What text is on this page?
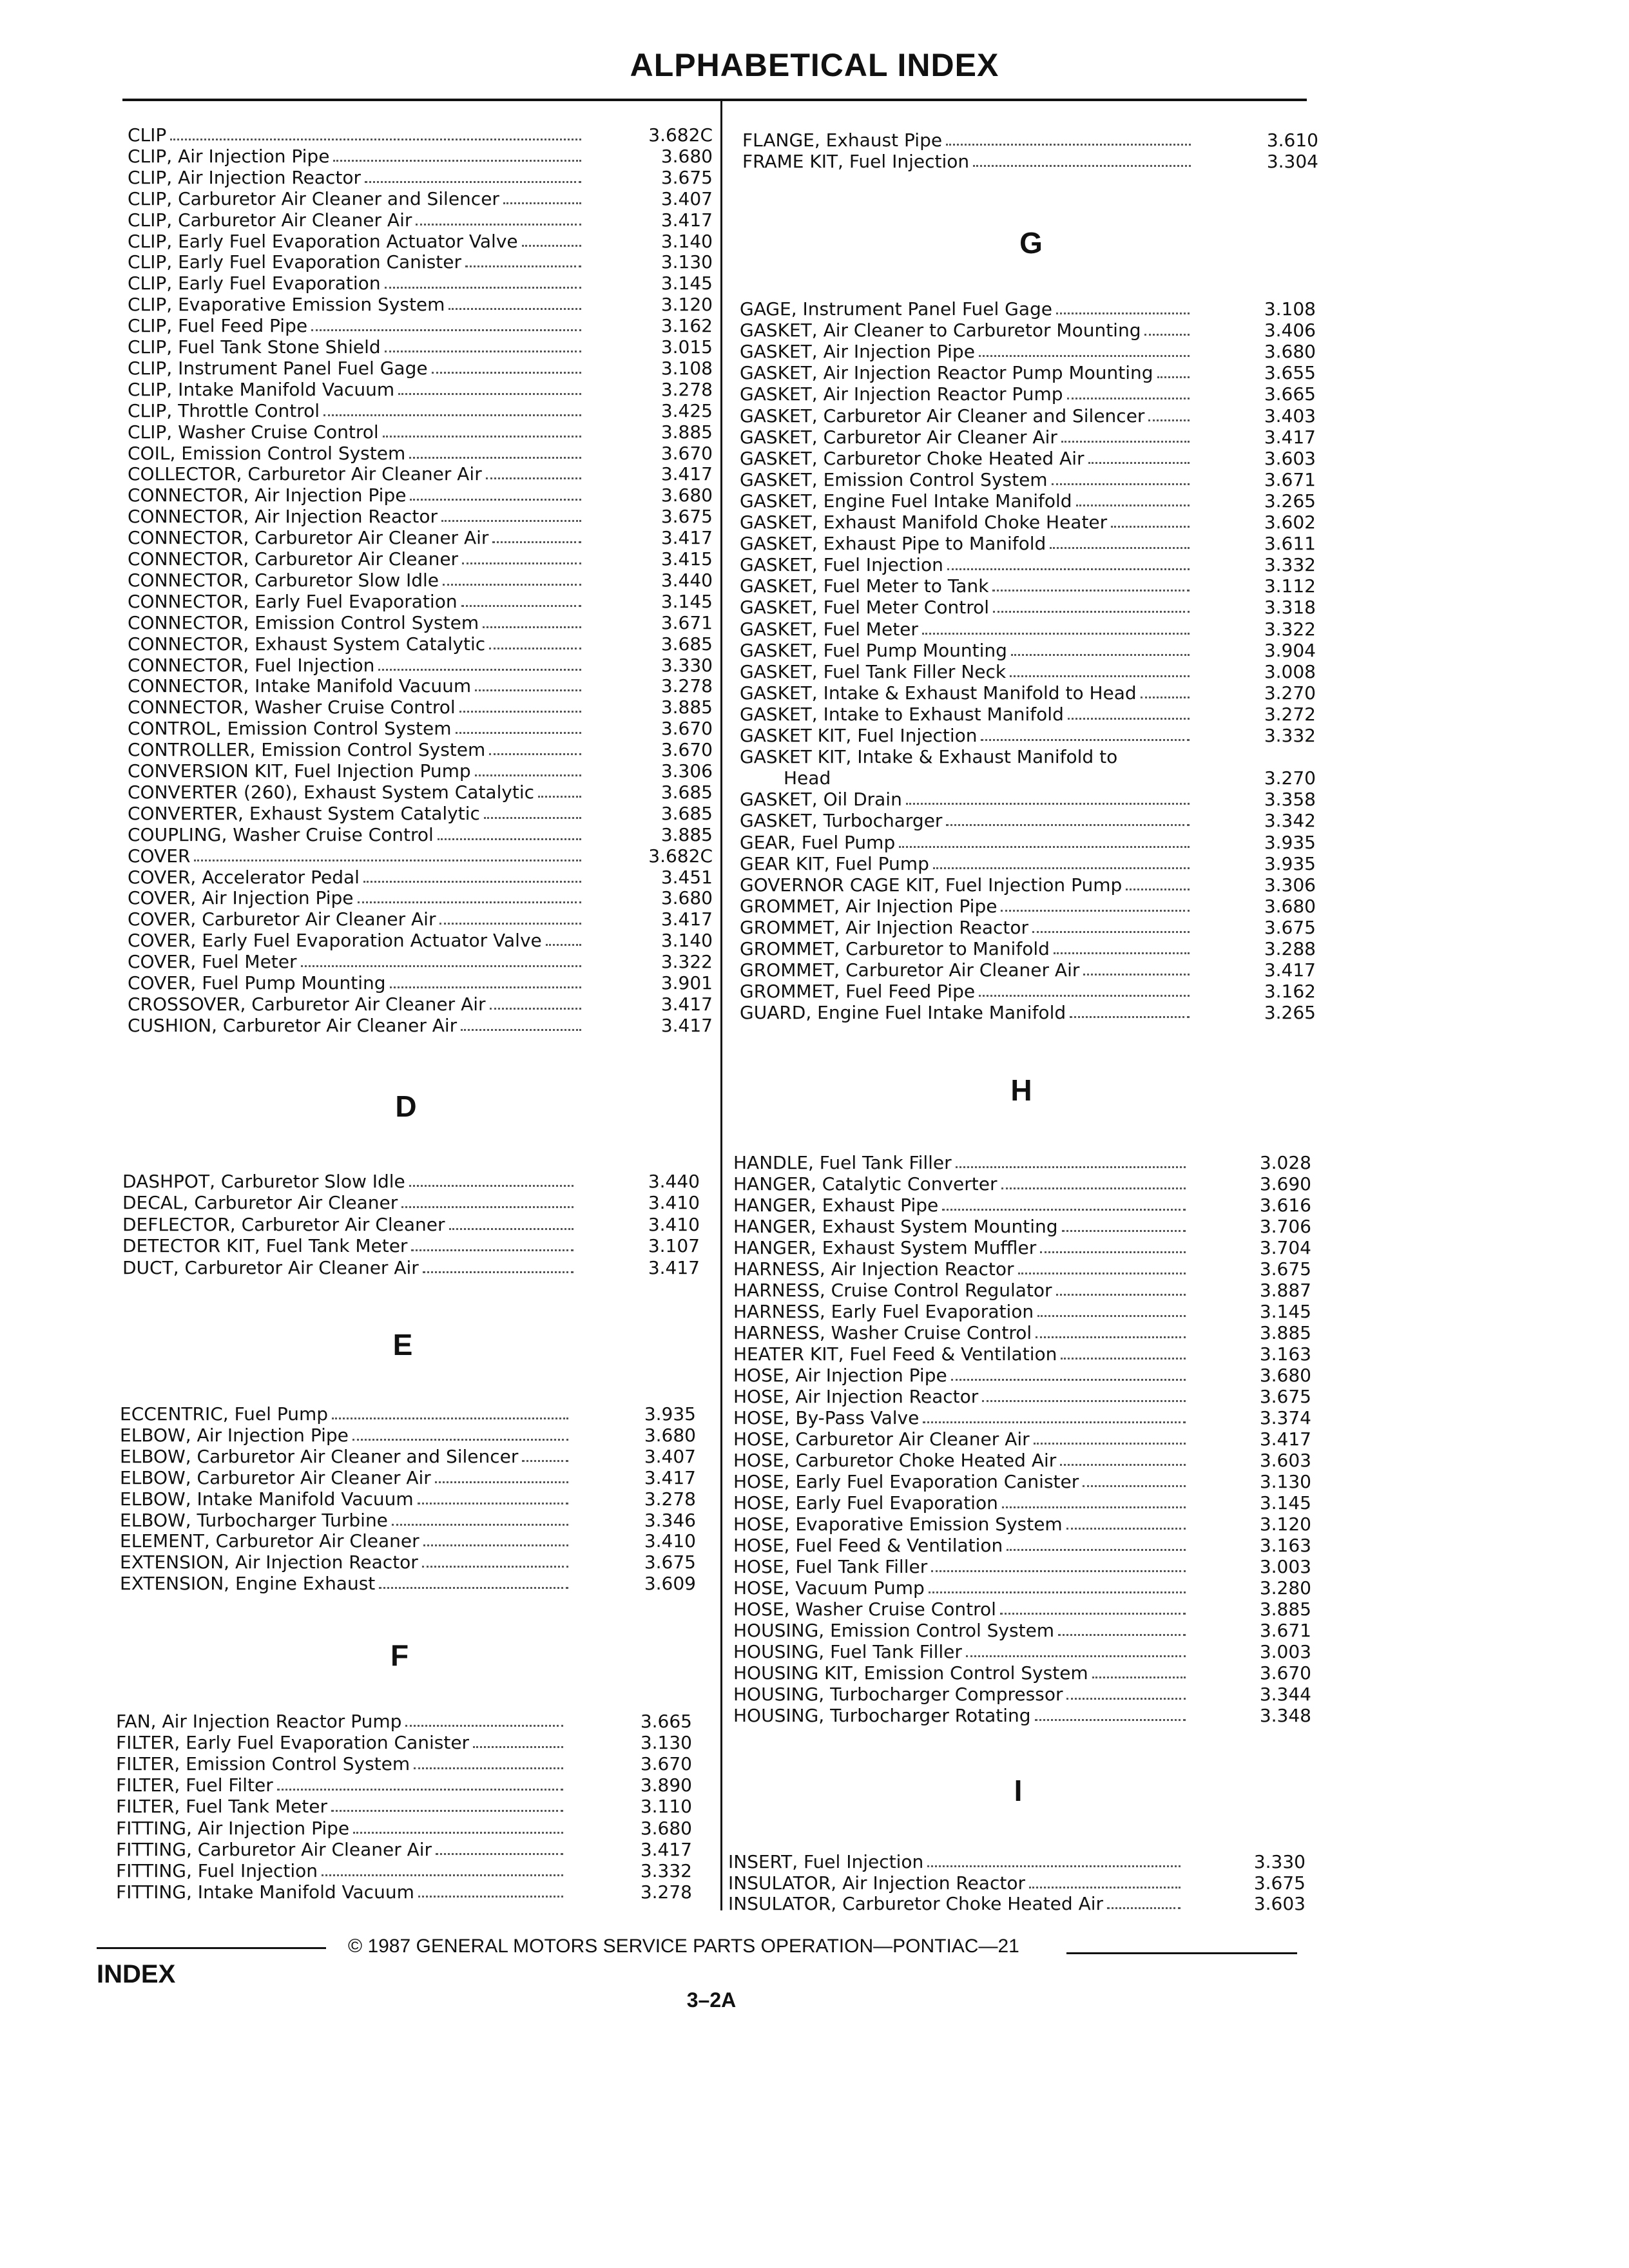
ALPHABETICAL INDEX
D
E
F
G
H
I
© 1987 GENERAL MOTORS SERVICE PARTS OPERATION—PONTIAC—21
INDEX
3–2A
CLIP	3.682C
CLIP, Air Injection Pipe	3.680
CLIP, Air Injection Reactor	3.675
CLIP, Carburetor Air Cleaner and Silencer	3.407
CLIP, Carburetor Air Cleaner Air	3.417
CLIP, Early Fuel Evaporation Actuator Valve	3.140
CLIP, Early Fuel Evaporation Canister	3.130
CLIP, Early Fuel Evaporation	3.145
CLIP, Evaporative Emission System	3.120
CLIP, Fuel Feed Pipe	3.162
CLIP, Fuel Tank Stone Shield	3.015
CLIP, Instrument Panel Fuel Gage	3.108
CLIP, Intake Manifold Vacuum	3.278
CLIP, Throttle Control	3.425
CLIP, Washer Cruise Control	3.885
COIL, Emission Control System	3.670
COLLECTOR, Carburetor Air Cleaner Air	3.417
CONNECTOR, Air Injection Pipe	3.680
CONNECTOR, Air Injection Reactor	3.675
CONNECTOR, Carburetor Air Cleaner Air	3.417
CONNECTOR, Carburetor Air Cleaner	3.415
CONNECTOR, Carburetor Slow Idle	3.440
CONNECTOR, Early Fuel Evaporation	3.145
CONNECTOR, Emission Control System	3.671
CONNECTOR, Exhaust System Catalytic	3.685
CONNECTOR, Fuel Injection	3.330
CONNECTOR, Intake Manifold Vacuum	3.278
CONNECTOR, Washer Cruise Control	3.885
CONTROL, Emission Control System	3.670
CONTROLLER, Emission Control System	3.670
CONVERSION KIT, Fuel Injection Pump	3.306
CONVERTER (260), Exhaust System Catalytic	3.685
CONVERTER, Exhaust System Catalytic	3.685
COUPLING, Washer Cruise Control	3.885
COVER	3.682C
COVER, Accelerator Pedal	3.451
COVER, Air Injection Pipe	3.680
COVER, Carburetor Air Cleaner Air	3.417
COVER, Early Fuel Evaporation Actuator Valve	3.140
COVER, Fuel Meter	3.322
COVER, Fuel Pump Mounting	3.901
CROSSOVER, Carburetor Air Cleaner Air	3.417
CUSHION, Carburetor Air Cleaner Air	3.417
DASHPOT, Carburetor Slow Idle	3.440
DECAL, Carburetor Air Cleaner	3.410
DEFLECTOR, Carburetor Air Cleaner	3.410
DETECTOR KIT, Fuel Tank Meter	3.107
DUCT, Carburetor Air Cleaner Air	3.417
ECCENTRIC, Fuel Pump	3.935
ELBOW, Air Injection Pipe	3.680
ELBOW, Carburetor Air Cleaner and Silencer	3.407
ELBOW, Carburetor Air Cleaner Air	3.417
ELBOW, Intake Manifold Vacuum	3.278
ELBOW, Turbocharger Turbine	3.346
ELEMENT, Carburetor Air Cleaner	3.410
EXTENSION, Air Injection Reactor	3.675
EXTENSION, Engine Exhaust	3.609
FAN, Air Injection Reactor Pump	3.665
FILTER, Early Fuel Evaporation Canister	3.130
FILTER, Emission Control System	3.670
FILTER, Fuel Filter	3.890
FILTER, Fuel Tank Meter	3.110
FITTING, Air Injection Pipe	3.680
FITTING, Carburetor Air Cleaner Air	3.417
FITTING, Fuel Injection	3.332
FITTING, Intake Manifold Vacuum	3.278
FLANGE, Exhaust Pipe	3.610
FRAME KIT, Fuel Injection	3.304
GAGE, Instrument Panel Fuel Gage	3.108
GASKET, Air Cleaner to Carburetor Mounting	3.406
GASKET, Air Injection Pipe	3.680
GASKET, Air Injection Reactor Pump Mounting	3.655
GASKET, Air Injection Reactor Pump	3.665
GASKET, Carburetor Air Cleaner and Silencer	3.403
GASKET, Carburetor Air Cleaner Air	3.417
GASKET, Carburetor Choke Heated Air	3.603
GASKET, Emission Control System	3.671
GASKET, Engine Fuel Intake Manifold	3.265
GASKET, Exhaust Manifold Choke Heater	3.602
GASKET, Exhaust Pipe to Manifold	3.611
GASKET, Fuel Injection	3.332
GASKET, Fuel Meter to Tank	3.112
GASKET, Fuel Meter Control	3.318
GASKET, Fuel Meter	3.322
GASKET, Fuel Pump Mounting	3.904
GASKET, Fuel Tank Filler Neck	3.008
GASKET, Intake & Exhaust Manifold to Head	3.270
GASKET, Intake to Exhaust Manifold	3.272
GASKET KIT, Fuel Injection	3.332
GASKET KIT, Intake & Exhaust Manifold to
Head	3.270
GASKET, Oil Drain	3.358
GASKET, Turbocharger	3.342
GEAR, Fuel Pump	3.935
GEAR KIT, Fuel Pump	3.935
GOVERNOR CAGE KIT, Fuel Injection Pump	3.306
GROMMET, Air Injection Pipe	3.680
GROMMET, Air Injection Reactor	3.675
GROMMET, Carburetor to Manifold	3.288
GROMMET, Carburetor Air Cleaner Air	3.417
GROMMET, Fuel Feed Pipe	3.162
GUARD, Engine Fuel Intake Manifold	3.265
HANDLE, Fuel Tank Filler	3.028
HANGER, Catalytic Converter	3.690
HANGER, Exhaust Pipe	3.616
HANGER, Exhaust System Mounting	3.706
HANGER, Exhaust System Muffler	3.704
HARNESS, Air Injection Reactor	3.675
HARNESS, Cruise Control Regulator	3.887
HARNESS, Early Fuel Evaporation	3.145
HARNESS, Washer Cruise Control	3.885
HEATER KIT, Fuel Feed & Ventilation	3.163
HOSE, Air Injection Pipe	3.680
HOSE, Air Injection Reactor	3.675
HOSE, By-Pass Valve	3.374
HOSE, Carburetor Air Cleaner Air	3.417
HOSE, Carburetor Choke Heated Air	3.603
HOSE, Early Fuel Evaporation Canister	3.130
HOSE, Early Fuel Evaporation	3.145
HOSE, Evaporative Emission System	3.120
HOSE, Fuel Feed & Ventilation	3.163
HOSE, Fuel Tank Filler	3.003
HOSE, Vacuum Pump	3.280
HOSE, Washer Cruise Control	3.885
HOUSING, Emission Control System	3.671
HOUSING, Fuel Tank Filler	3.003
HOUSING KIT, Emission Control System	3.670
HOUSING, Turbocharger Compressor	3.344
HOUSING, Turbocharger Rotating	3.348
INSERT, Fuel Injection	3.330
INSULATOR, Air Injection Reactor	3.675
INSULATOR, Carburetor Choke Heated Air	3.603
